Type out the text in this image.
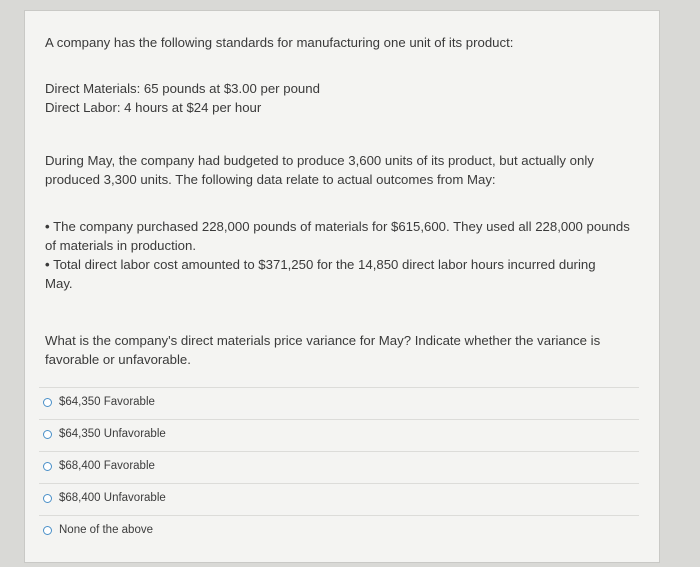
A company has the following standards for manufacturing one unit of its product:

Direct Materials: 65 pounds at $3.00 per pound
Direct Labor: 4 hours at $24 per hour

During May, the company had budgeted to produce 3,600 units of its product, but actually only
produced 3,300 units. The following data relate to actual outcomes from May:

• The company purchased 228,000 pounds of materials for $615,600. They used all 228,000 pounds
of materials in production.
• Total direct labor cost amounted to $371,250 for the 14,850 direct labor hours incurred during
May.

What is the company's direct materials price variance for May? Indicate whether the variance is
favorable or unfavorable.

$64,350 Favorable
$64,350 Unfavorable
$68,400 Favorable
$68,400 Unfavorable
None of the above
